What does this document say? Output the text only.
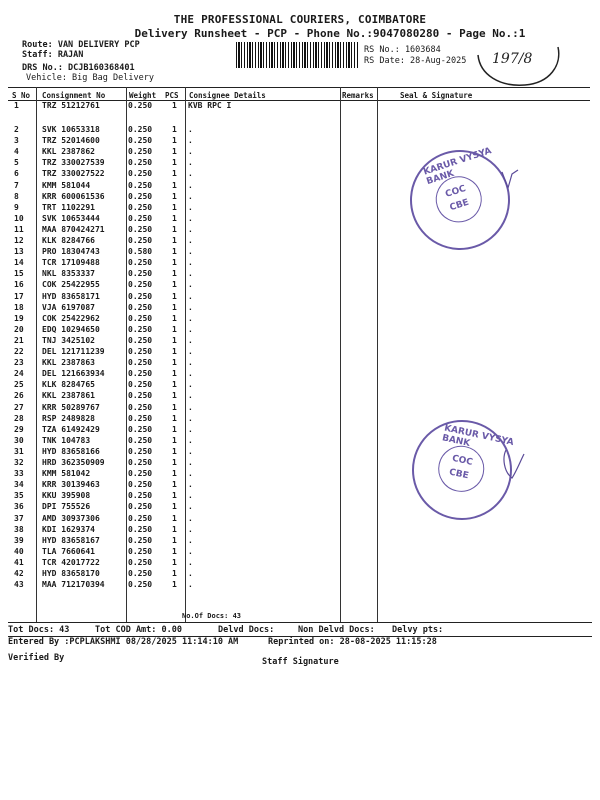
THE PROFESSIONAL COURIERS, COIMBATORE
Delivery Runsheet - PCP - Phone No.:9047080280 - Page No.:1
Route: VAN DELIVERY PCP
Staff: RAJAN
DRS No.: DCJB160368401
Vehicle: Big Bag Delivery
RS No.: 1603684
RS Date: 28-Aug-2025 197/8
S No Consignment No	Weight PCS Consignee Details	Remarks	Seal & Signature
1	TRZ 51212761	0.250 1 KVB RPC I
2	SVK 10653318	0.250 1 .
3	TRZ 52014600	0.250 1 .
4	KKL 2387862	0.250 1 .
5	TRZ 330027539	0.250 1 .
6	TRZ 330027522	0.250 1 .
7	KMM 581044	0.250 1 .
8	KRR 600061536	0.250 1 .
9	TRT 1102291	0.250 1 .
10 SVK 10653444	0.250 1 .
11 MAA 870424271	0.250 1 .
12 KLK 8284766	0.250 1 .
13 PRO 18304743	0.580 1 .
14 TCR 17109488	0.250 1 .
15 NKL 8353337	0.250 1 .
16 COK 25422955	0.250 1 .
17 HYD 83658171	0.250 1 .
18 VJA 6197087	0.250 1 .
19 COK 25422962	0.250 1 .
20 EDQ 10294650	0.250 1 .
21 TNJ 3425102	0.250 1 .
22 DEL 121711239	0.250 1 .
23 KKL 2387863	0.250 1 .
24 DEL 121663934	0.250 1 .
25 KLK 8284765	0.250 1 .
26 KKL 2387861	0.250 1 .
27 KRR 50289767	0.250 1 .
28 RSP 2489828	0.250 1 .
29 TZA 61492429	0.250 1 .
30 TNK 104783	0.250 1 .
31 HYD 83658166	0.250 1 .
32 HRD 362350909	0.250 1 .
33 KMM 581042	0.250 1 .
34 KRR 30139463	0.250 1 .
35 KKU 395908	0.250 1 .
36 DPI 755526	0.250 1 .
37 AMD 30937306	0.250 1 .
38 KDI 1629374	0.250 1 .
39 HYD 83658167	0.250 1 .
40 TLA 7660641	0.250 1 .
41 TCR 42017722	0.250 1 .
42 HYD 83658170	0.250 1 .
43 MAA 712170394	0.250 1 .
No.Of Docs: 43
KARUR VYSYA BANK
COC
CBE
KARUR VYSYA BANK
COC
CBE
Tot Docs: 43	Tot COD Amt: 0.00	Delvd Docs:	Non Delvd Docs: Delvy pts:
Entered By :PCPLAKSHMI 08/28/2025 11:14:10 AM	Reprinted on: 28-08-2025 11:15:28
Verified By	Staff Signature
